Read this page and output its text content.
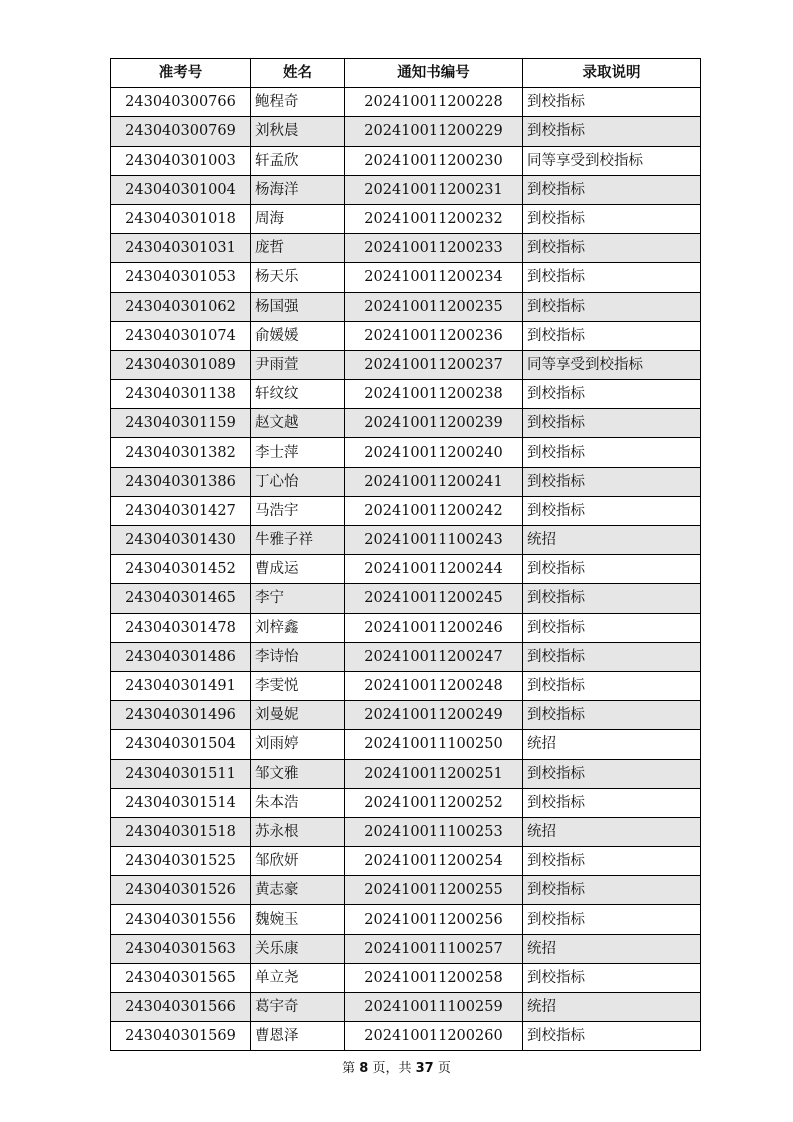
准考号	姓名	通知书编号	录取说明
243040300766	鲍程奇	202410011200228	到校指标
243040300769	刘秋晨	202410011200229	到校指标
243040301003	轩孟欣	202410011200230	同等享受到校指标
243040301004	杨海洋	202410011200231	到校指标
243040301018	周海	202410011200232	到校指标
243040301031	庞哲	202410011200233	到校指标
243040301053	杨天乐	202410011200234	到校指标
243040301062	杨国强	202410011200235	到校指标
243040301074	俞媛媛	202410011200236	到校指标
243040301089	尹雨萱	202410011200237	同等享受到校指标
243040301138	轩纹纹	202410011200238	到校指标
243040301159	赵文越	202410011200239	到校指标
243040301382	李士萍	202410011200240	到校指标
243040301386	丁心怡	202410011200241	到校指标
243040301427	马浩宇	202410011200242	到校指标
243040301430	牛雅子祥	202410011100243	统招
243040301452	曹成运	202410011200244	到校指标
243040301465	李宁	202410011200245	到校指标
243040301478	刘梓鑫	202410011200246	到校指标
243040301486	李诗怡	202410011200247	到校指标
243040301491	李雯悦	202410011200248	到校指标
243040301496	刘曼妮	202410011200249	到校指标
243040301504	刘雨婷	202410011100250	统招
243040301511	邹文雅	202410011200251	到校指标
243040301514	朱本浩	202410011200252	到校指标
243040301518	苏永根	202410011100253	统招
243040301525	邹欣妍	202410011200254	到校指标
243040301526	黄志豪	202410011200255	到校指标
243040301556	魏婉玉	202410011200256	到校指标
243040301563	关乐康	202410011100257	统招
243040301565	单立尧	202410011200258	到校指标
243040301566	葛宇奇	202410011100259	统招
243040301569	曹恩泽	202410011200260	到校指标
第 8 页，共 37 页
